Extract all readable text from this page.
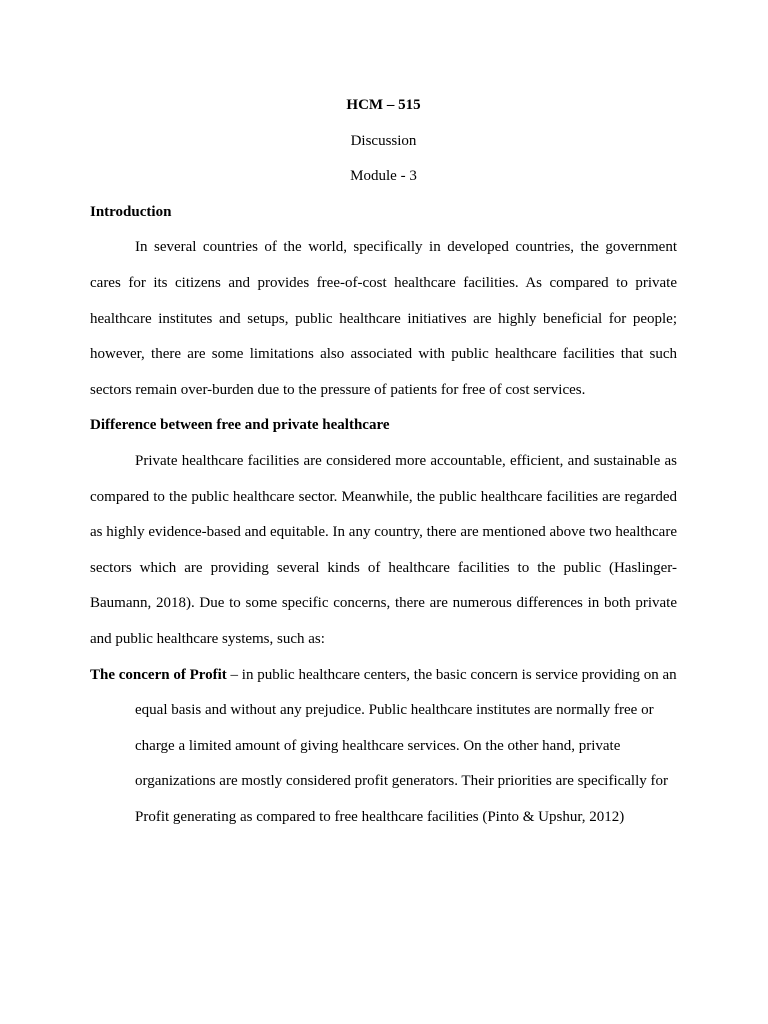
HCM – 515

Discussion

Module - 3

Introduction

In several countries of the world, specifically in developed countries, the government cares for its citizens and provides free-of-cost healthcare facilities. As compared to private healthcare institutes and setups, public healthcare initiatives are highly beneficial for people; however, there are some limitations also associated with public healthcare facilities that such sectors remain over-burden due to the pressure of patients for free of cost services.

Difference between free and private healthcare

Private healthcare facilities are considered more accountable, efficient, and sustainable as compared to the public healthcare sector. Meanwhile, the public healthcare facilities are regarded as highly evidence-based and equitable. In any country, there are mentioned above two healthcare sectors which are providing several kinds of healthcare facilities to the public (Haslinger-Baumann, 2018). Due to some specific concerns, there are numerous differences in both private and public healthcare systems, such as:

The concern of Profit – in public healthcare centers, the basic concern is service providing on an equal basis and without any prejudice. Public healthcare institutes are normally free or charge a limited amount of giving healthcare services. On the other hand, private organizations are mostly considered profit generators. Their priorities are specifically for Profit generating as compared to free healthcare facilities (Pinto & Upshur, 2012)
